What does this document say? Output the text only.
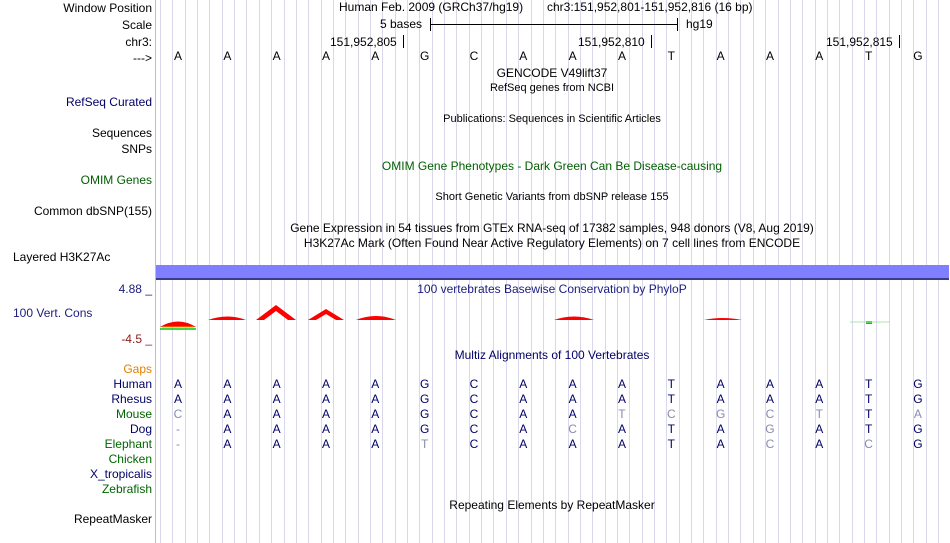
Window Position
Scale
chr3:
--->
Human Feb. 2009 (GRCh37/hg19) chr3:151,952,801-151,952,816 (16 bp)
5 bases	hg19
151,952,805	151,952,810	151,952,815
A	A	A	A	A	G	C	A	A	A	T	A	A	A	T	G
GENCODE V49lift37
RefSeq genes from NCBI
RefSeq Curated
Publications: Sequences in Scientific Articles
Sequences
SNPs
OMIM Gene Phenotypes - Dark Green Can Be Disease-causing
OMIM Genes
Short Genetic Variants from dbSNP release 155
Common dbSNP(155)
Gene Expression in 54 tissues from GTEx RNA-seq of 17382 samples, 948 donors (V8, Aug 2019)
H3K27Ac Mark (Often Found Near Active Regulatory Elements) on 7 cell lines from ENCODE
Layered H3K27Ac
4.88 _	100 vertebrates Basewise Conservation by PhyloP
100 Vert. Cons
-4.5 _
Gaps
Multiz Alignments of 100 Vertebrates
Human	A	A	A	A	A	G	C	A	A	A	T	A	A	A	T	G
Rhesus	A	A	A	A	A	G	C	A	A	A	T	A	A	A	T	G
Mouse	C	A	A	A	A	G	C	A	A	T	C	G	C	T	T	A
Dog	-	A	A	A	A	G	C	A	C	A	T	A	G	A	T	G
Elephant	-	A	A	A	A	T	C	A	A	A	T	A	C	A	C	G
Chicken
X_tropicalis
Zebrafish
Repeating Elements by RepeatMasker
RepeatMasker
